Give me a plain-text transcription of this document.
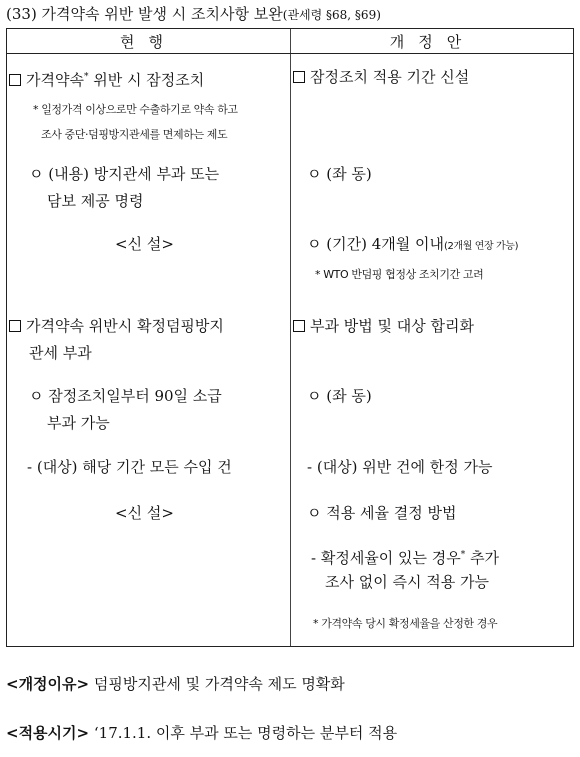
(33) 가격약속 위반 발생 시 조치사항 보완(관세령 §68, §69)
현행	개정안
가격약속* 위반 시 잠정조치
* 일정가격 이상으로만 수출하기로 약속 하고
조사 중단·덤핑방지관세를 면제하는 제도
ㅇ (내용) 방지관세 부과 또는
담보 제공 명령
<신 설>
가격약속 위반시 확정덤핑방지
관세 부과
ㅇ 잠정조치일부터 90일 소급
부과 가능
- (대상) 해당 기간 모든 수입 건
<신 설>
잠정조치 적용 기간 신설
ㅇ (좌 동)
ㅇ (기간) 4개월 이내(2개월 연장 가능)
* WTO 반덤핑 협정상 조치기간 고려
부과 방법 및 대상 합리화
ㅇ (좌 동)
- (대상) 위반 건에 한정 가능
ㅇ 적용 세율 결정 방법
- 확정세율이 있는 경우* 추가
조사 없이 즉시 적용 가능
* 가격약속 당시 확정세율을 산정한 경우
<개정이유> 덤핑방지관세 및 가격약속 제도 명확화
<적용시기> ‘17.1.1. 이후 부과 또는 명령하는 분부터 적용
